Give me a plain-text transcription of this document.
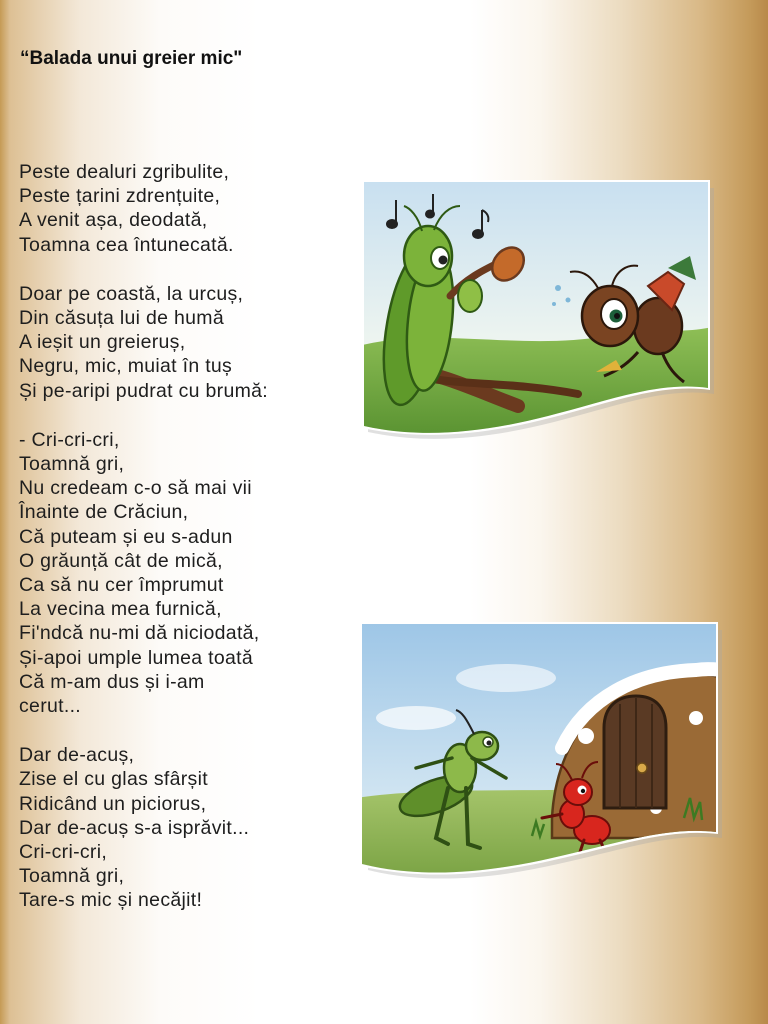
“Balada unui greier mic"
Peste dealuri zgribulite,
Peste țarini zdrențuite,
A venit așa, deodată,
Toamna cea întunecată.
Doar pe coastă, la urcuș,
Din căsuța lui de humă
A ieșit un greieruș,
Negru, mic, muiat în tuș
Și pe-aripi pudrat cu brumă:
- Cri-cri-cri,
Toamnă gri,
Nu credeam c-o să mai vii
Înainte de Crăciun,
Că puteam și eu s-adun
O grăunță cât de mică,
Ca să nu cer împrumut
La vecina mea furnică,
Fi'ndcă nu-mi dă niciodată,
Și-apoi umple lumea toată
Că m-am dus și i-am
cerut...
Dar de-acuș,
Zise el cu glas sfârșit
Ridicând un piciorus,
Dar de-acuș s-a isprăvit...
Cri-cri-cri,
Toamnă gri,
Tare-s mic și necăjit!
